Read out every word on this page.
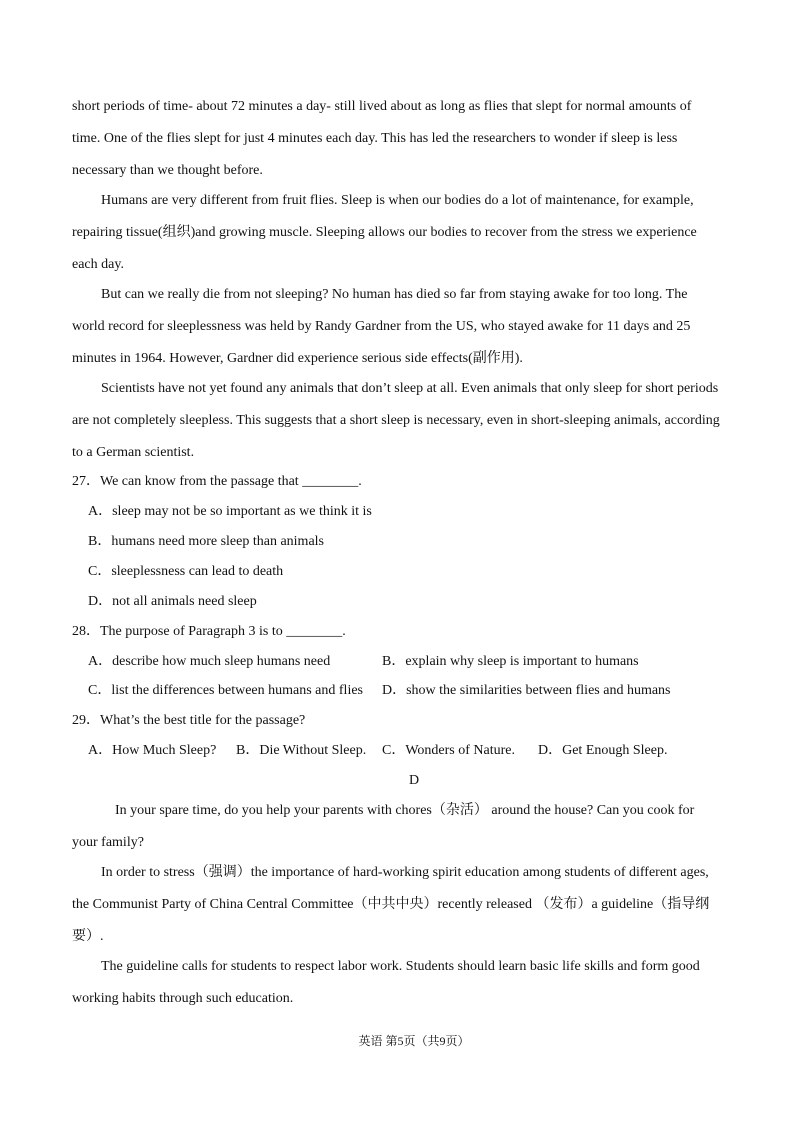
short periods of time- about 72 minutes a day- still lived about as long as flies that slept for normal amounts of
time. One of the flies slept for just 4 minutes each day. This has led the researchers to wonder if sleep is less
necessary than we thought before.
Humans are very different from fruit flies. Sleep is when our bodies do a lot of maintenance, for example,
repairing tissue(组织)and growing muscle. Sleeping allows our bodies to recover from the stress we experience
each day.
But can we really die from not sleeping? No human has died so far from staying awake for too long. The
world record for sleeplessness was held by Randy Gardner from the US, who stayed awake for 11 days and 25
minutes in 1964. However, Gardner did experience serious side effects(副作用).
Scientists have not yet found any animals that don’t sleep at all. Even animals that only sleep for short periods
are not completely sleepless. This suggests that a short sleep is necessary, even in short-sleeping animals, according
to a German scientist.
27．We can know from the passage that ________.
A．sleep may not be so important as we think it is
B．humans need more sleep than animals
C．sleeplessness can lead to death
D．not all animals need sleep
28．The purpose of Paragraph 3 is to ________.
A．describe how much sleep humans need	B．explain why sleep is important to humans
C．list the differences between humans and flies D．show the similarities between flies and humans
29．What’s the best title for the passage?
A．How Much Sleep? B．Die Without Sleep. C．Wonders of Nature. D．Get Enough Sleep.
D
In your spare time, do you help your parents with chores（杂活） around the house? Can you cook for
your family?
In order to stress（强调）the importance of hard-working spirit education among students of different ages,
the Communist Party of China Central Committee（中共中央）recently released （发布）a guideline（指导纲
要）.
The guideline calls for students to respect labor work. Students should learn basic life skills and form good
working habits through such education.
英语 第5页（共9页）
